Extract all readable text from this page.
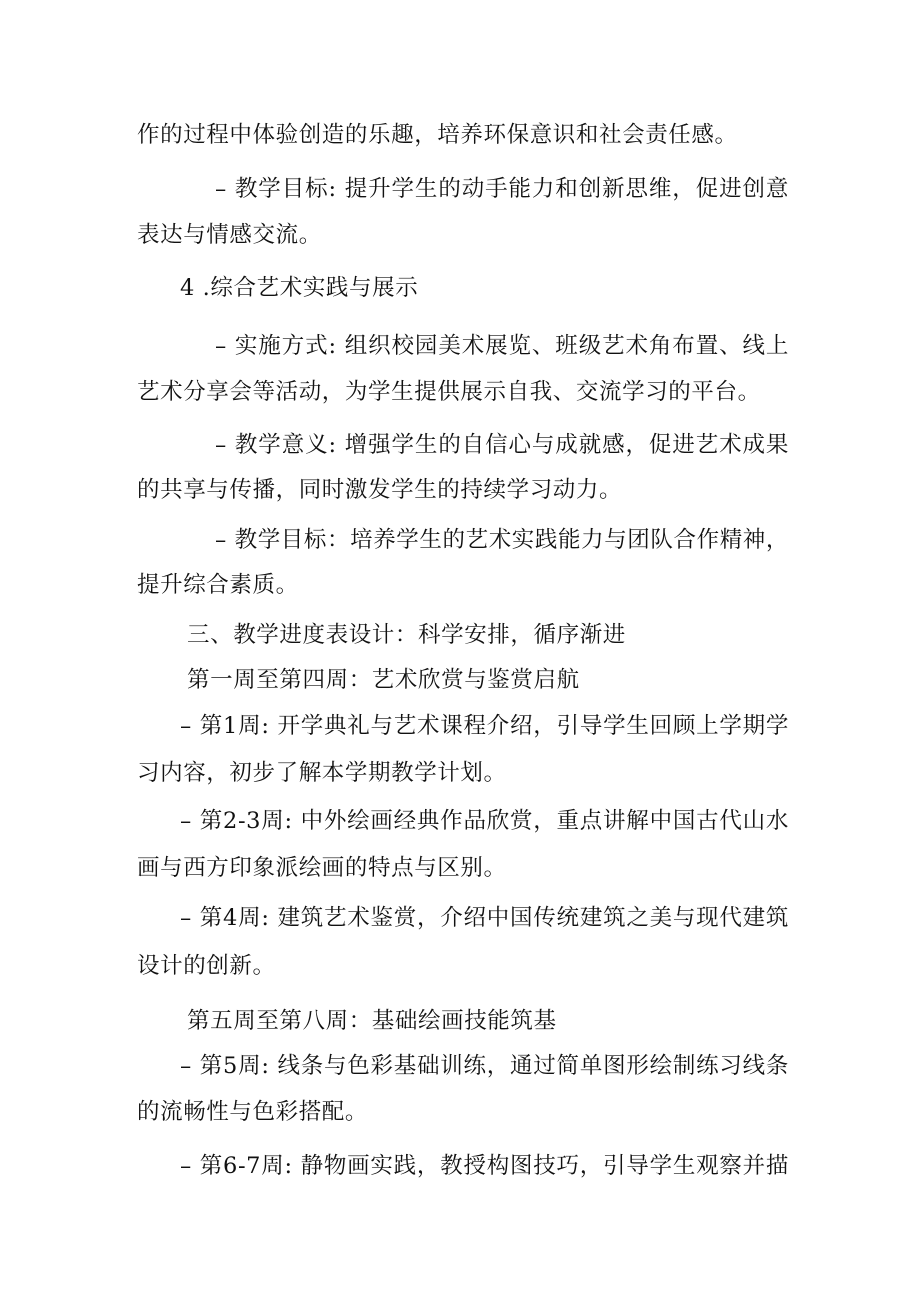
作的过程中体验创造的乐趣，培养环保意识和社会责任感。
– 教学目标: 提升学生的动手能力和创新思维，促进创意
表达与情感交流。
4 .综合艺术实践与展示
– 实施方式: 组织校园美术展览、班级艺术角布置、线上
艺术分享会等活动，为学生提供展示自我、交流学习的平台。
– 教学意义: 增强学生的自信心与成就感，促进艺术成果
的共享与传播，同时激发学生的持续学习动力。
– 教学目标：培养学生的艺术实践能力与团队合作精神，
提升综合素质。
三、教学进度表设计：科学安排，循序渐进
第一周至第四周：艺术欣赏与鉴赏启航
– 第1周: 开学典礼与艺术课程介绍，引导学生回顾上学期学
习内容，初步了解本学期教学计划。
– 第2-3周: 中外绘画经典作品欣赏，重点讲解中国古代山水
画与西方印象派绘画的特点与区别。
– 第4周: 建筑艺术鉴赏，介绍中国传统建筑之美与现代建筑
设计的创新。
第五周至第八周：基础绘画技能筑基
– 第5周: 线条与色彩基础训练，通过简单图形绘制练习线条
的流畅性与色彩搭配。
– 第6-7周: 静物画实践，教授构图技巧，引导学生观察并描
